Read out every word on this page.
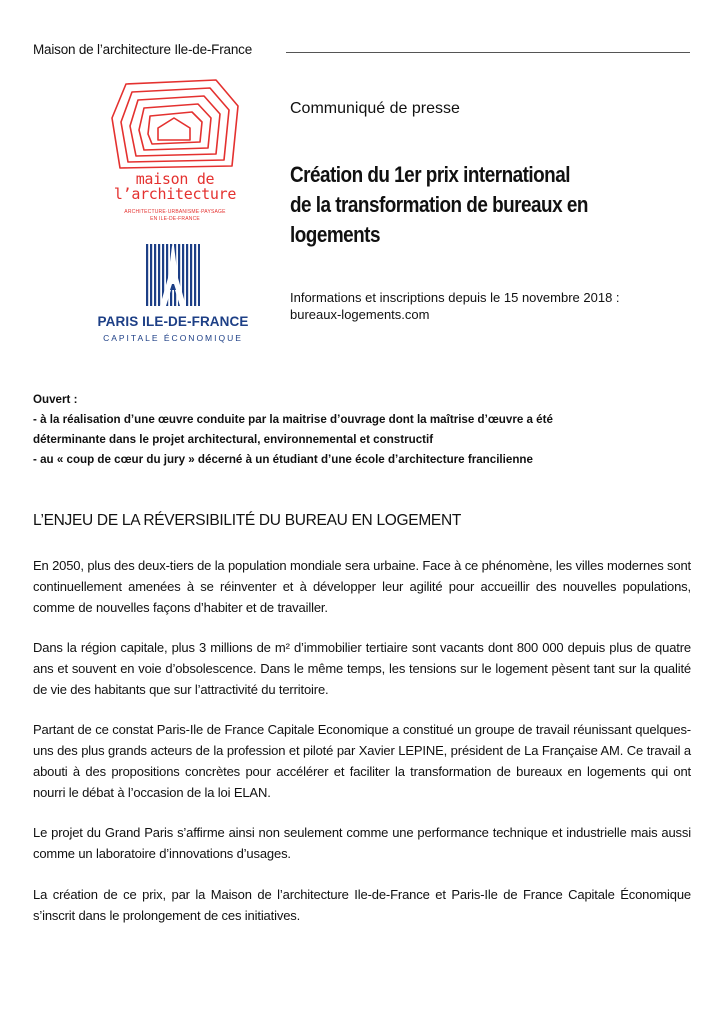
Maison de l’architecture Ile-de-France
maison de
l’architecture
ARCHITECTURE·URBANISME·PAYSAGE
EN ILE-DE-FRANCE
PARIS ILE-DE-FRANCE
CAPITALE ÉCONOMIQUE
Communiqué de presse
Création du 1er prix international
de la transformation de bureaux en
logements
Informations et inscriptions depuis le 15 novembre 2018 :
bureaux-logements.com
Ouvert :
- à la réalisation d’une œuvre conduite par la maitrise d’ouvrage dont la maîtrise d’œuvre a été
déterminante dans le projet architectural, environnemental et constructif
- au « coup de cœur du jury » décerné à un étudiant d’une école d’architecture francilienne
L’ENJEU DE LA RÉVERSIBILITÉ DU BUREAU EN LOGEMENT
En 2050, plus des deux-tiers de la population mondiale sera urbaine. Face à ce phénomène, les villes modernes sont continuellement amenées à se réinventer et à développer leur agilité pour accueillir des nouvelles populations, comme de nouvelles façons d’habiter et de travailler.
Dans la région capitale, plus 3 millions de m² d’immobilier tertiaire sont vacants dont 800 000 depuis plus de quatre ans et souvent en voie d’obsolescence. Dans le même temps, les tensions sur le logement pèsent tant sur la qualité de vie des habitants que sur l’attractivité du territoire.
Partant de ce constat Paris-Ile de France Capitale Economique a constitué un groupe de travail réunissant quelques-uns des plus grands acteurs de la profession et piloté par Xavier LEPINE, président de La Française AM. Ce travail a abouti à des propositions concrètes pour accélérer et faciliter la transformation de bureaux en logements qui ont nourri le débat à l’occasion de la loi ELAN.
Le projet du Grand Paris s’affirme ainsi non seulement comme une performance technique et industrielle mais aussi comme un laboratoire d’innovations d’usages.
La création de ce prix, par la Maison de l’architecture Ile-de-France et Paris-Ile de France Capitale Économique s’inscrit dans le prolongement de ces initiatives.
